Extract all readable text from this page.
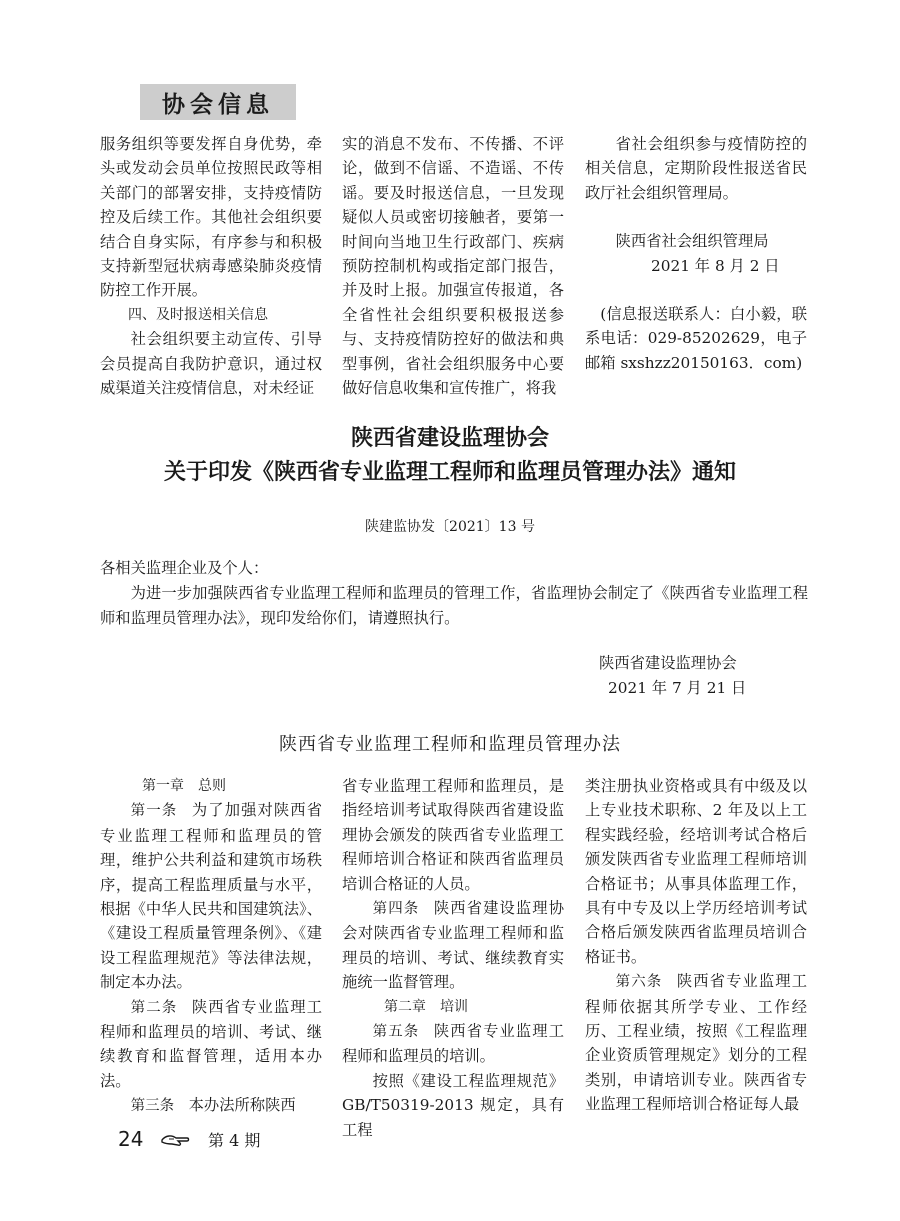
协会信息

服务组织等要发挥自身优势，牵头或发动会员单位按照民政等相关部门的部署安排，支持疫情防控及后续工作。其他社会组织要结合自身实际，有序参与和积极支持新型冠状病毒感染肺炎疫情防控工作开展。

四、及时报送相关信息

社会组织要主动宣传、引导会员提高自我防护意识，通过权威渠道关注疫情信息，对未经证

实的消息不发布、不传播、不评论，做到不信谣、不造谣、不传谣。要及时报送信息，一旦发现疑似人员或密切接触者，要第一时间向当地卫生行政部门、疾病预防控制机构或指定部门报告，并及时上报。加强宣传报道，各全省性社会组织要积极报送参与、支持疫情防控好的做法和典型事例，省社会组织服务中心要做好信息收集和宣传推广，将我

省社会组织参与疫情防控的相关信息，定期阶段性报送省民政厅社会组织管理局。

陕西省社会组织管理局

2021 年 8 月 2 日

(信息报送联系人：白小毅，联系电话：029-85202629，电子邮箱 sxshzz20150163．com)

陕西省建设监理协会
关于印发《陕西省专业监理工程师和监理员管理办法》通知
陕建监协发〔2021〕13 号
各相关监理企业及个人：
为进一步加强陕西省专业监理工程师和监理员的管理工作，省监理协会制定了《陕西省专业监理工程师和监理员管理办法》，现印发给你们，请遵照执行。
陕西省建设监理协会
2021 年 7 月 21 日
陕西省专业监理工程师和监理员管理办法

第一章　总则

第一条 为了加强对陕西省专业监理工程师和监理员的管理，维护公共利益和建筑市场秩序，提高工程监理质量与水平，根据《中华人民共和国建筑法》、《建设工程质量管理条例》、《建设工程监理规范》等法律法规，制定本办法。

第二条 陕西省专业监理工程师和监理员的培训、考试、继续教育和监督管理，适用本办法。

第三条 本办法所称陕西

省专业监理工程师和监理员，是指经培训考试取得陕西省建设监理协会颁发的陕西省专业监理工程师培训合格证和陕西省监理员培训合格证的人员。

第四条 陕西省建设监理协会对陕西省专业监理工程师和监理员的培训、考试、继续教育实施统一监督管理。

第二章　培训

第五条 陕西省专业监理工程师和监理员的培训。

按照《建设工程监理规范》GB/T50319-2013 规定，具有工程

类注册执业资格或具有中级及以上专业技术职称、2 年及以上工程实践经验，经培训考试合格后颁发陕西省专业监理工程师培训合格证书；从事具体监理工作，具有中专及以上学历经培训考试合格后颁发陕西省监理员培训合格证书。

第六条 陕西省专业监理工程师依据其所学专业、工作经历、工程业绩，按照《工程监理企业资质管理规定》划分的工程类别，申请培训专业。陕西省专业监理工程师培训合格证每人最

24	第 4 期
